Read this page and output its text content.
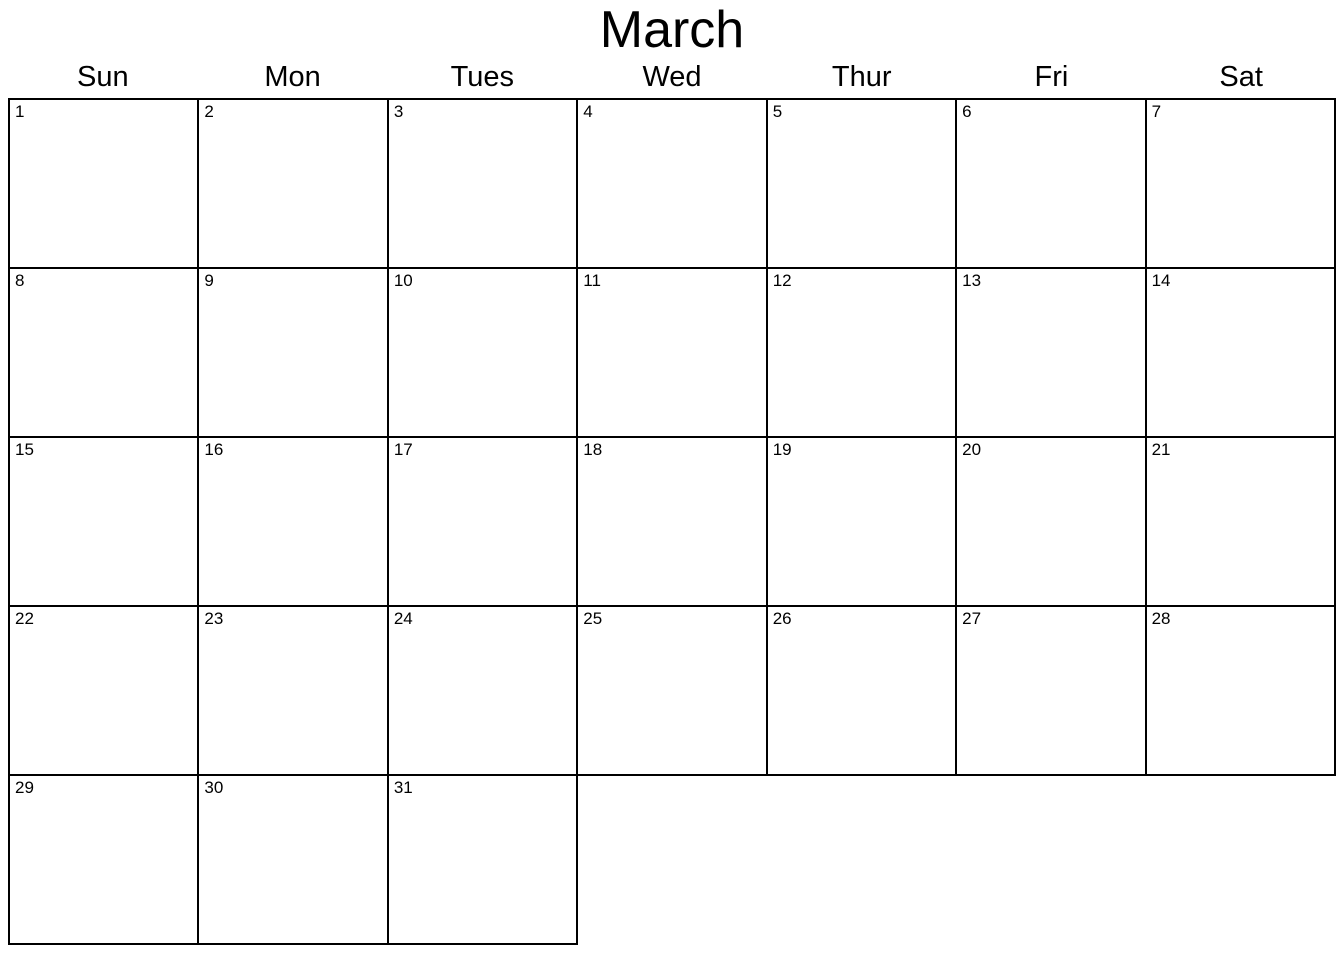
March
Sun	Mon	Tues	Wed	Thur	Fri	Sat
1	2	3	4	5	6	7
8	9	10	11	12	13	14
15	16	17	18	19	20	21
22	23	24	25	26	27	28
29	30	31
